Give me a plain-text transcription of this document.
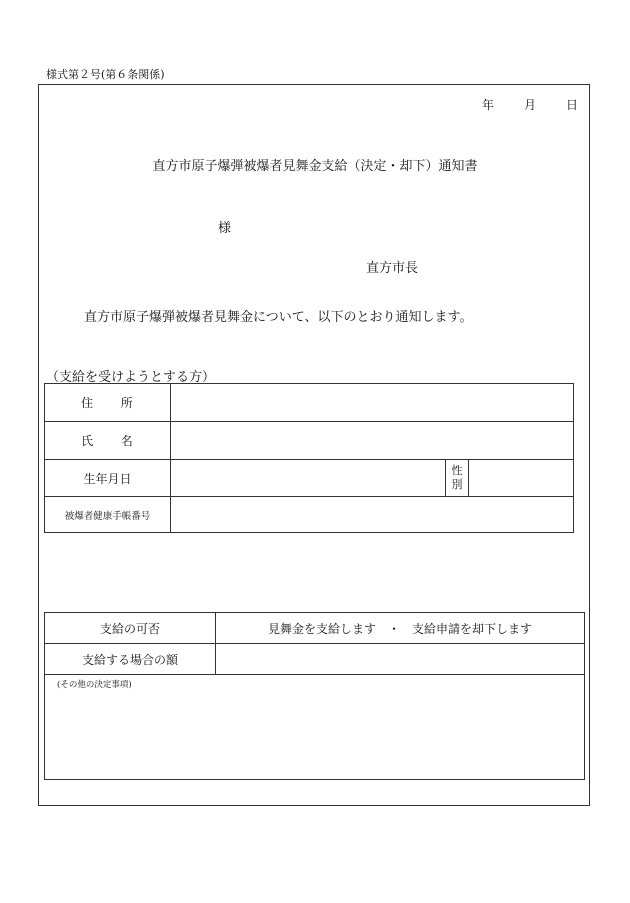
様式第２号(第６条関係)
年	月	日
直方市原子爆弾被爆者見舞金支給（決定・却下）通知書
様
直方市長
直方市原子爆弾被爆者見舞金について、以下のとおり通知します。
（支給を受けようとする方）
住　　所			
氏　　名			
生年月日		性
別	

被爆者健康手帳番号			
支給の可否	見舞金を支給します　・　支給申請を却下します
支給する場合の額	
(その他の決定事項)	
